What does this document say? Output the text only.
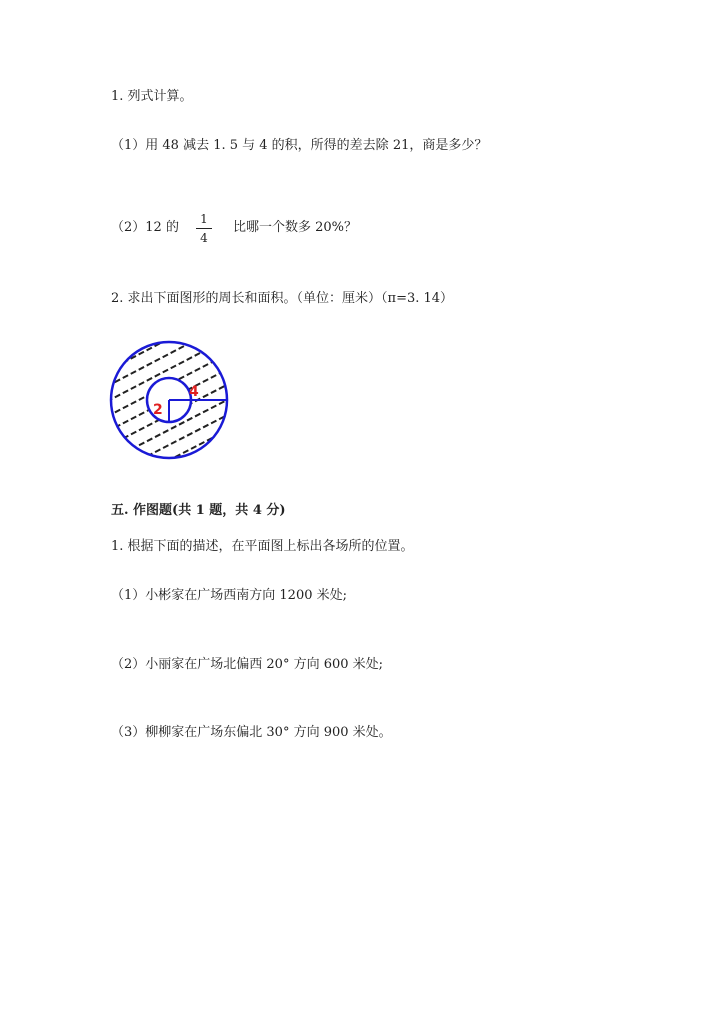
1. 列式计算。
（1）用 48 减去 1. 5 与 4 的积，所得的差去除 21，商是多少？
（2）12 的
1
4
比哪一个数多 20%？
2. 求出下面图形的周长和面积。（单位：厘米）（π=3. 14）
2
4
五. 作图题(共 1 题，共 4 分)
1. 根据下面的描述，在平面图上标出各场所的位置。
（1）小彬家在广场西南方向 1200 米处;
（2）小丽家在广场北偏西 20° 方向 600 米处;
（3）柳柳家在广场东偏北 30° 方向 900 米处。
